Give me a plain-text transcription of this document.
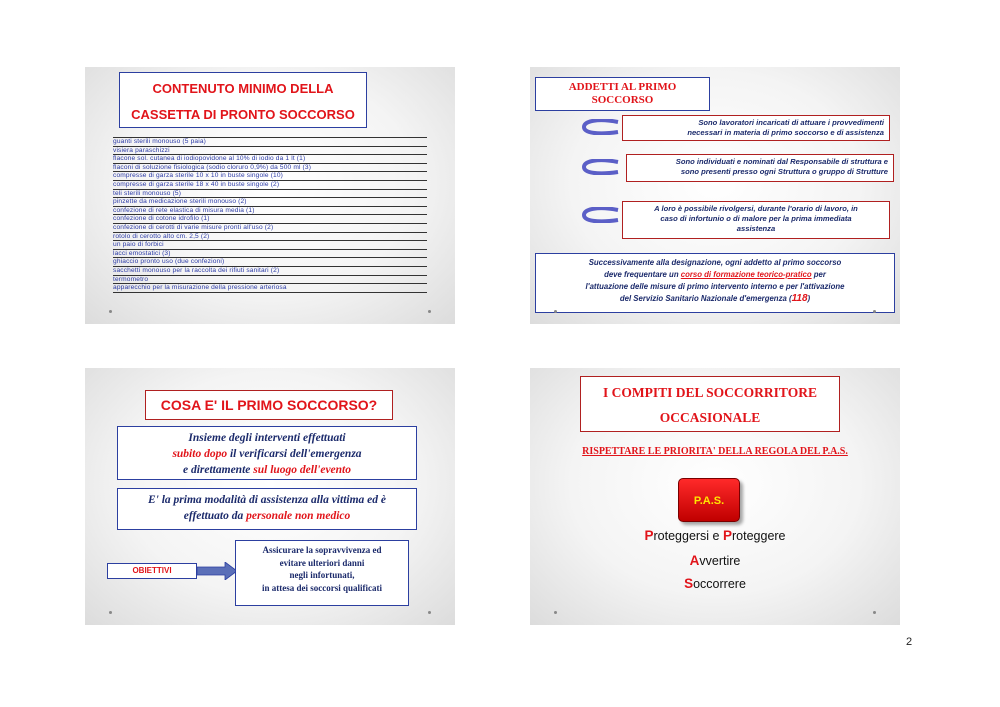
CONTENUTO MINIMO DELLA
CASSETTA DI PRONTO SOCCORSO
guanti sterili monouso (5 paia)
visiera paraschizzi
flacone sol. cutanea di iodiopovidone al 10% di iodio da 1 lt (1)
flaconi di soluzione fisiologica (sodio cloruro 0,9%) da 500 ml (3)
compresse di garza sterile 10 x 10 in buste singole (10)
compresse di garza sterile 18 x 40 in buste singole (2)
teli sterili monouso (5)
pinzette da medicazione sterili monouso (2)
confezione di rete elastica di misura media (1)
confezione di cotone idrofilo (1)
confezione di cerotti di varie misure pronti all'uso (2)
rotolo di cerotto alto cm. 2,5 (2)
un paio di forbici
lacci emostatici (3)
ghiaccio pronto uso (due confezioni)
sacchetti monouso per la raccolta dei rifiuti sanitari (2)
termometro
apparecchio per la misurazione della pressione arteriosa
ADDETTI AL PRIMO
SOCCORSO
Sono lavoratori incaricati di attuare i provvedimenti
necessari in materia di primo soccorso e di assistenza
Sono individuati e nominati dal Responsabile di struttura e
sono presenti presso ogni Struttura o gruppo di Strutture
A loro è possibile rivolgersi, durante l'orario di lavoro, in
caso di infortunio o di malore per la prima immediata
assistenza
Successivamente alla designazione, ogni addetto al primo soccorso
deve frequentare un corso di formazione teorico-pratico per
l'attuazione delle misure di primo intervento interno e per l'attivazione
del Servizio Sanitario Nazionale d'emergenza (118)
COSA E' IL PRIMO SOCCORSO?
Insieme degli interventi effettuati
subito dopo il verificarsi dell'emergenza
e direttamente sul luogo dell'evento
E' la prima modalità di assistenza alla vittima ed è
effettuato da personale non medico
OBIETTIVI
Assicurare la sopravvivenza ed
evitare ulteriori danni
negli infortunati,
in attesa dei soccorsi qualificati
I COMPITI DEL SOCCORRITORE
OCCASIONALE
RISPETTARE LE PRIORITA' DELLA REGOLA DEL P.A.S.
P.A.S.
Proteggersi e Proteggere
Avvertire
Soccorrere
2
